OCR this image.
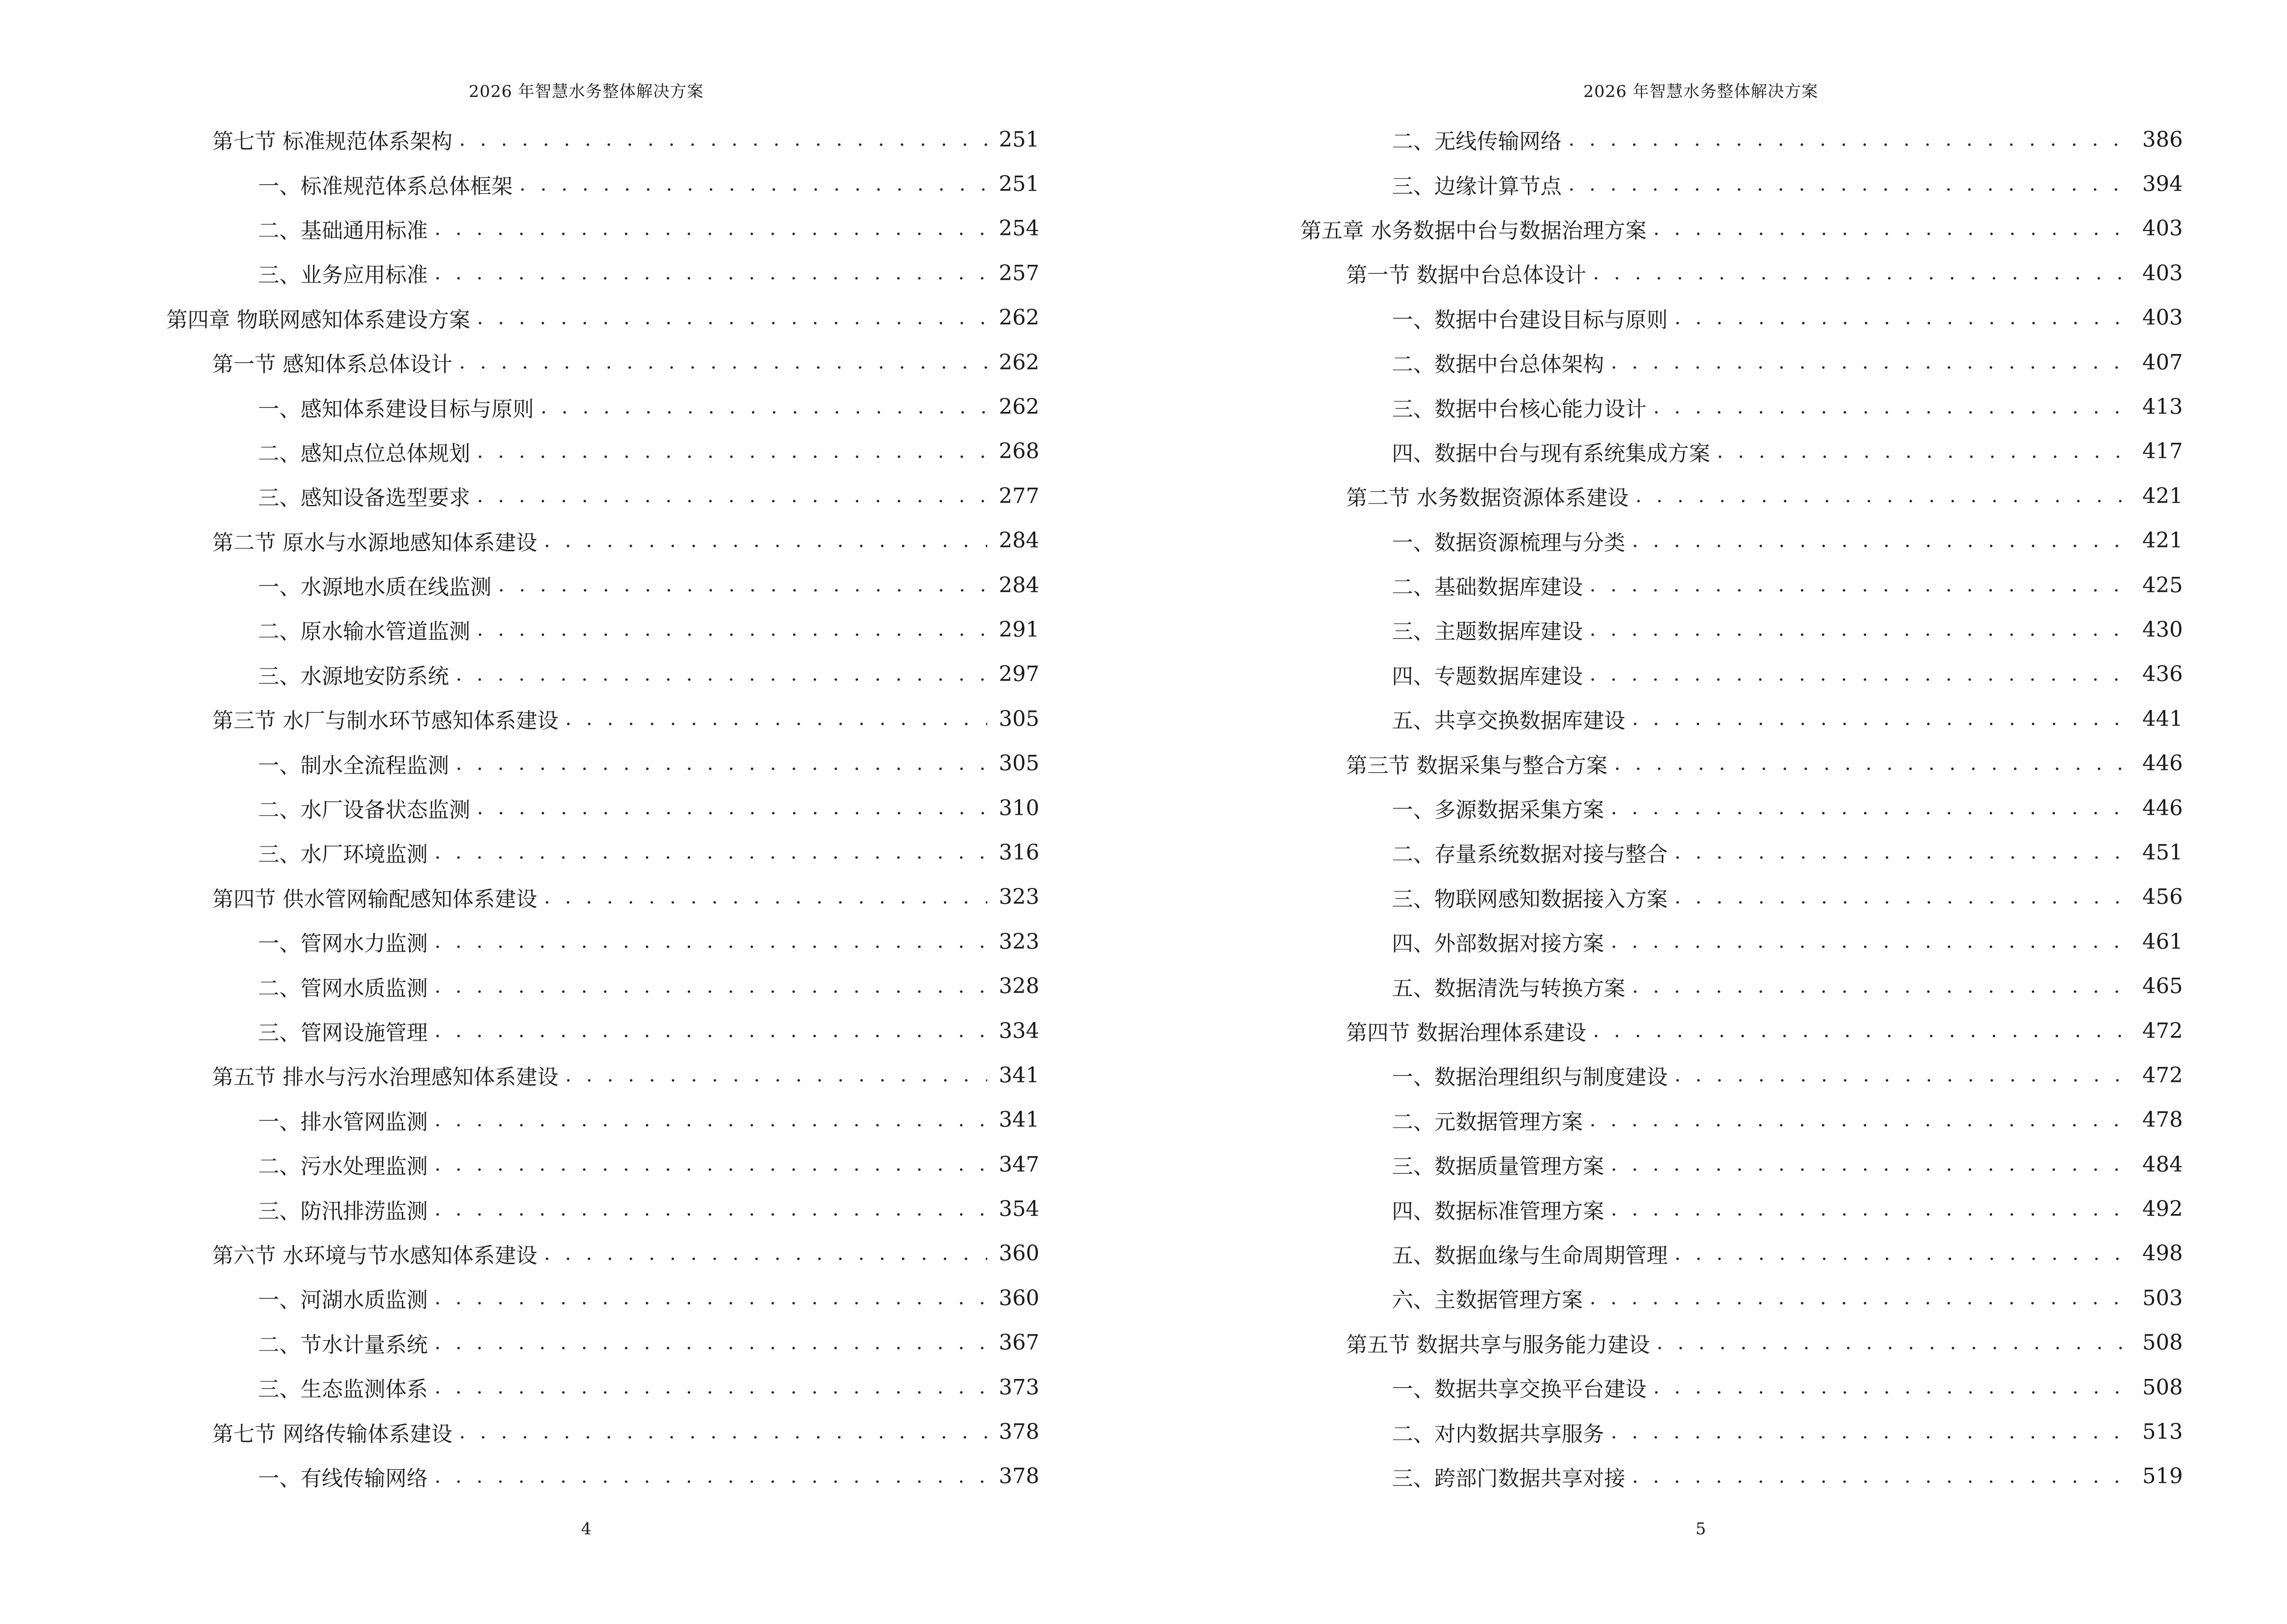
2026 年智慧水务整体解决方案
第七节 标准规范体系架构 . . .	251
一、标准规范体系总体框架 . . .	251
二、基础通用标准 . . .	254
三、业务应用标准 . . .	257
第四章 物联网感知体系建设方案 . . .	262
第一节 感知体系总体设计 . . .	262
一、感知体系建设目标与原则 . . .	262
二、感知点位总体规划 . . .	268
三、感知设备选型要求 . . .	277
第二节 原水与水源地感知体系建设 . . .	284
一、水源地水质在线监测 . . .	284
二、原水输水管道监测 . . .	291
三、水源地安防系统 . . .	297
第三节 水厂与制水环节感知体系建设 . . .	305
一、制水全流程监测 . . .	305
二、水厂设备状态监测 . . .	310
三、水厂环境监测 . . .	316
第四节 供水管网输配感知体系建设 . . .	323
一、管网水力监测 . . .	323
二、管网水质监测 . . .	328
三、管网设施管理 . . .	334
第五节 排水与污水治理感知体系建设 . . .	341
一、排水管网监测 . . .	341
二、污水处理监测 . . .	347
三、防汛排涝监测 . . .	354
第六节 水环境与节水感知体系建设 . . .	360
一、河湖水质监测 . . .	360
二、节水计量系统 . . .	367
三、生态监测体系 . . .	373
第七节 网络传输体系建设 . . .	378
一、有线传输网络 . . .	378
4
2026 年智慧水务整体解决方案
二、无线传输网络 . . .	386
三、边缘计算节点 . . .	394
第五章 水务数据中台与数据治理方案 . . .	403
第一节 数据中台总体设计 . . .	403
一、数据中台建设目标与原则 . . .	403
二、数据中台总体架构 . . .	407
三、数据中台核心能力设计 . . .	413
四、数据中台与现有系统集成方案 . . .	417
第二节 水务数据资源体系建设 . . .	421
一、数据资源梳理与分类 . . .	421
二、基础数据库建设 . . .	425
三、主题数据库建设 . . .	430
四、专题数据库建设 . . .	436
五、共享交换数据库建设 . . .	441
第三节 数据采集与整合方案 . . .	446
一、多源数据采集方案 . . .	446
二、存量系统数据对接与整合 . . .	451
三、物联网感知数据接入方案 . . .	456
四、外部数据对接方案 . . .	461
五、数据清洗与转换方案 . . .	465
第四节 数据治理体系建设 . . .	472
一、数据治理组织与制度建设 . . .	472
二、元数据管理方案 . . .	478
三、数据质量管理方案 . . .	484
四、数据标准管理方案 . . .	492
五、数据血缘与生命周期管理 . . .	498
六、主数据管理方案 . . .	503
第五节 数据共享与服务能力建设 . . .	508
一、数据共享交换平台建设 . . .	508
二、对内数据共享服务 . . .	513
三、跨部门数据共享对接 . . .	519
5
